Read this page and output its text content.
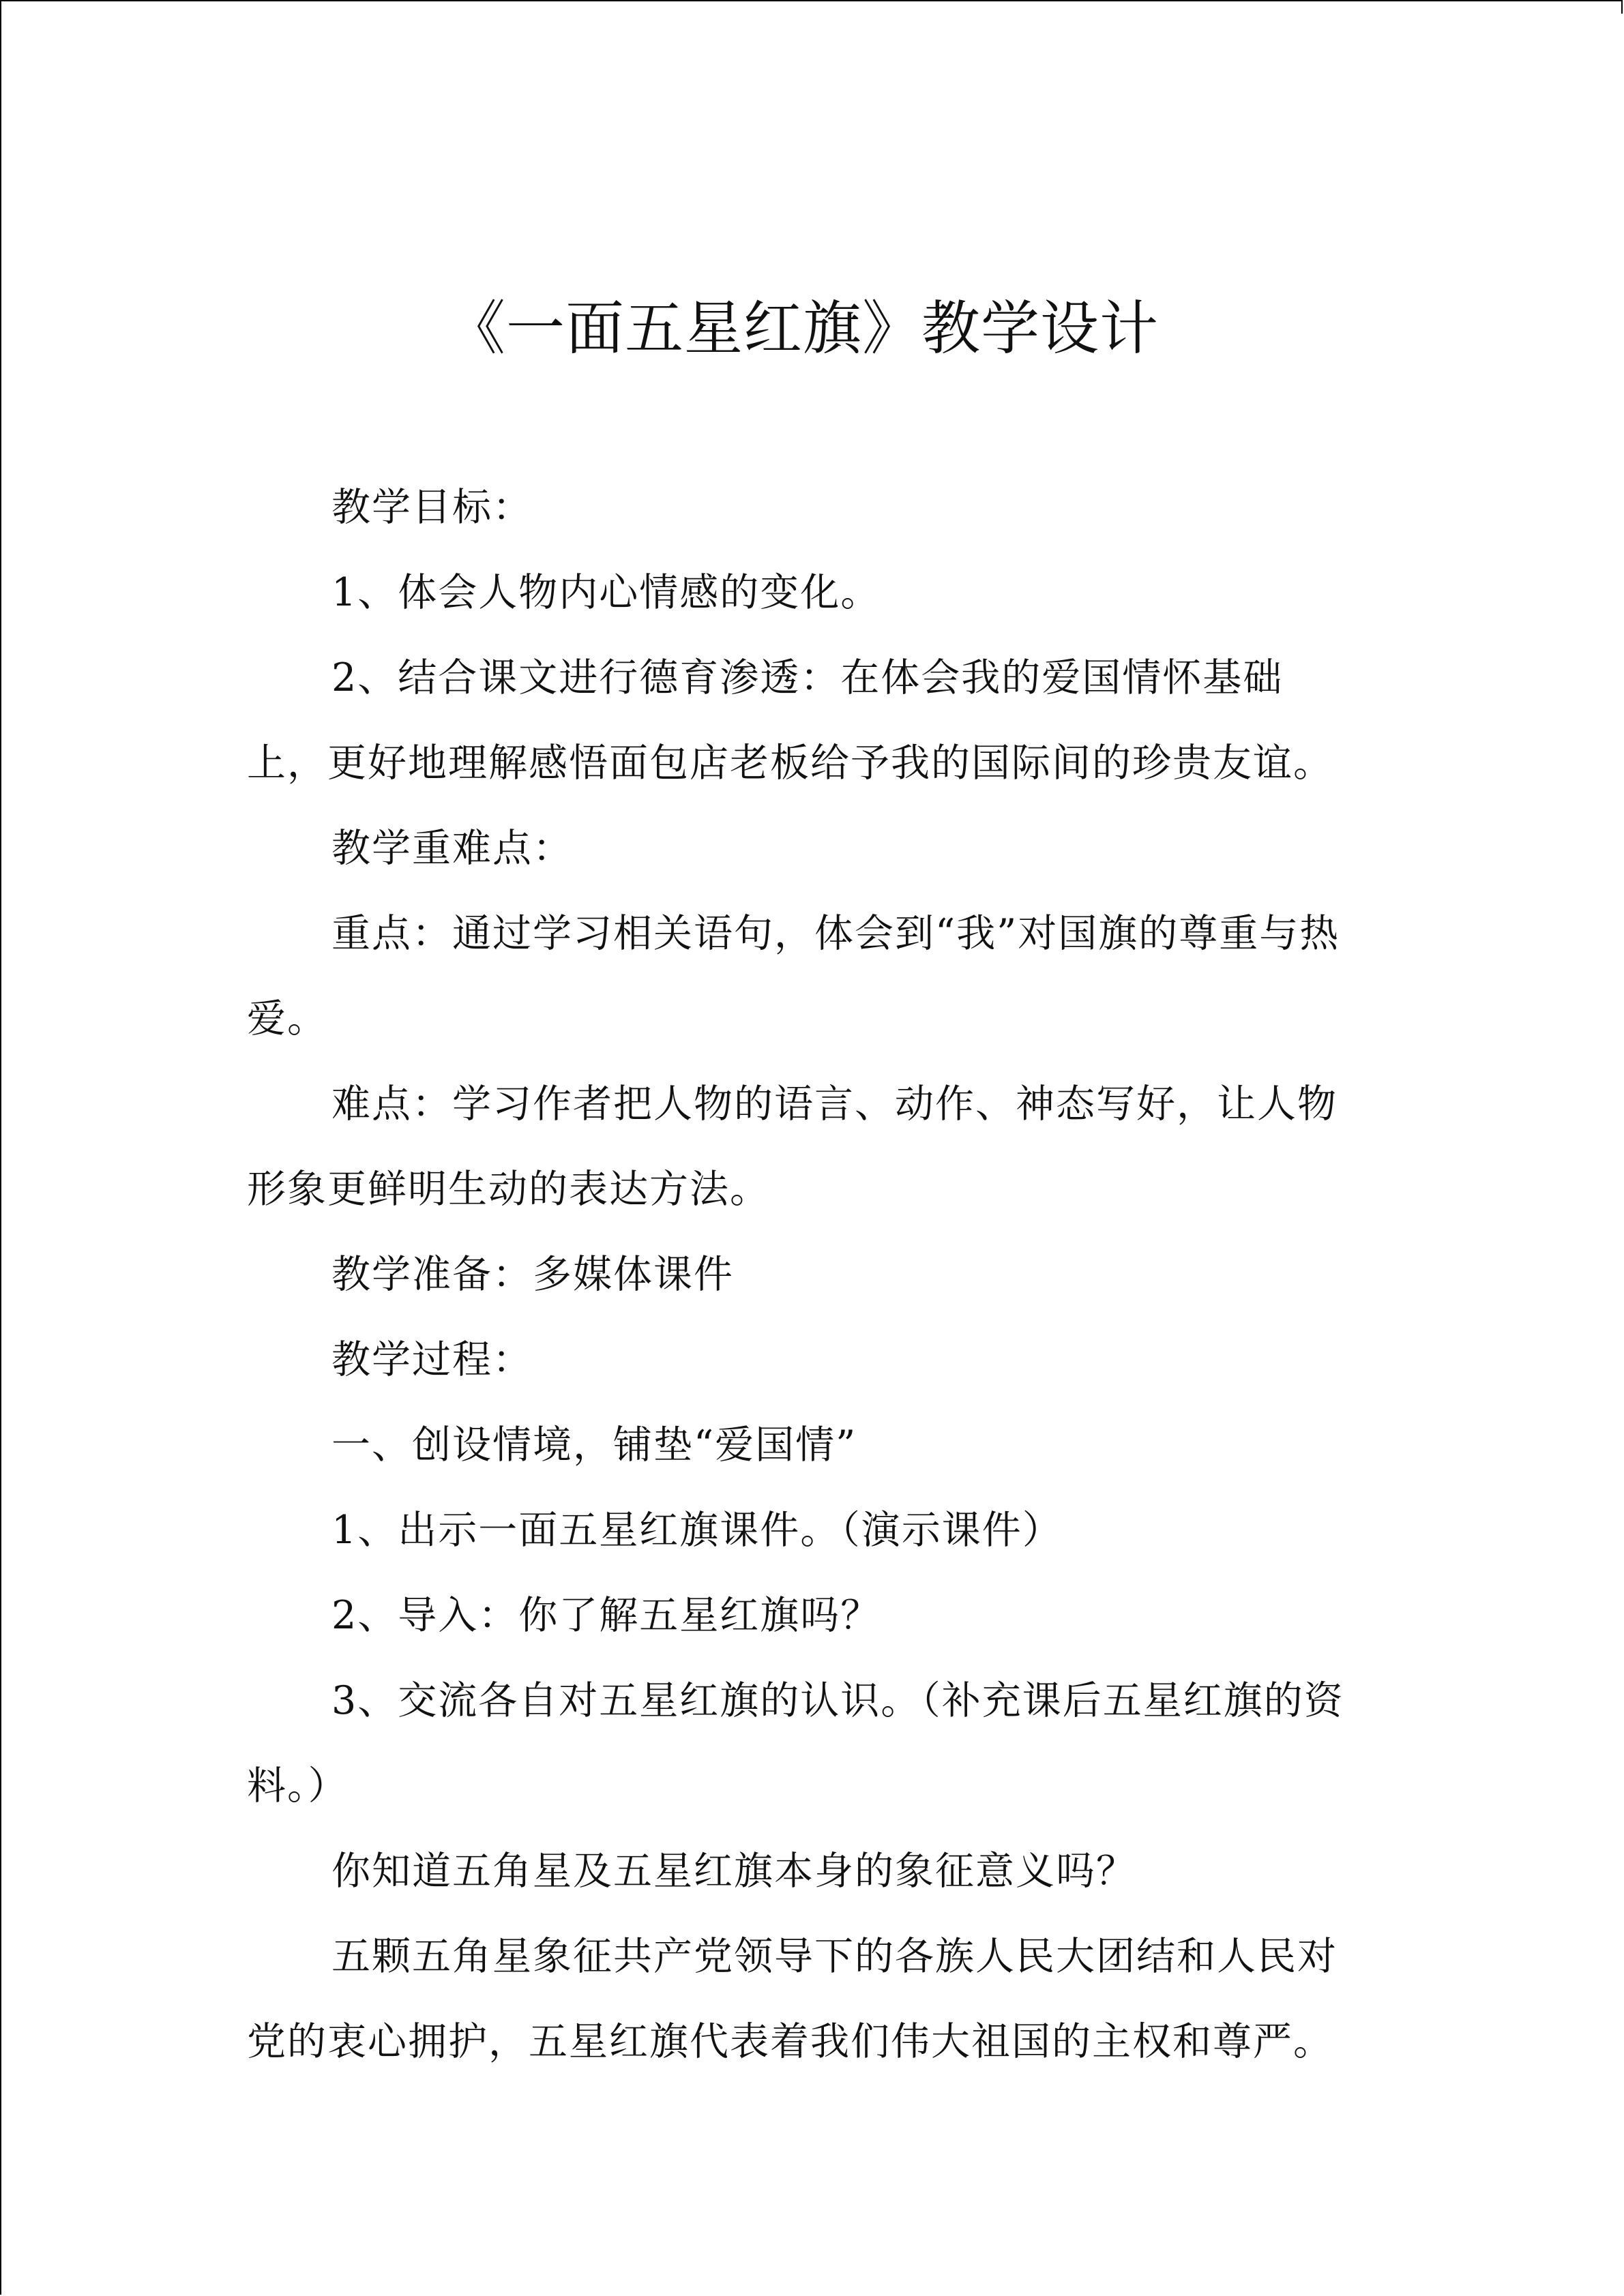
《一面五星红旗》教学设计

教学目标：

1、体会人物内心情感的变化。

2、结合课文进行德育渗透：在体会我的爱国情怀基础上，更好地理解感悟面包店老板给予我的国际间的珍贵友谊。

教学重难点：

重点：通过学习相关语句，体会到“我”对国旗的尊重与热爱。

难点：学习作者把人物的语言、动作、神态写好，让人物形象更鲜明生动的表达方法。

教学准备：多媒体课件

教学过程：

一、创设情境，铺垫“爱国情”

1、出示一面五星红旗课件。（演示课件）

2、导入：你了解五星红旗吗？

3、交流各自对五星红旗的认识。（补充课后五星红旗的资料。）

你知道五角星及五星红旗本身的象征意义吗？

五颗五角星象征共产党领导下的各族人民大团结和人民对党的衷心拥护，五星红旗代表着我们伟大祖国的主权和尊严。
